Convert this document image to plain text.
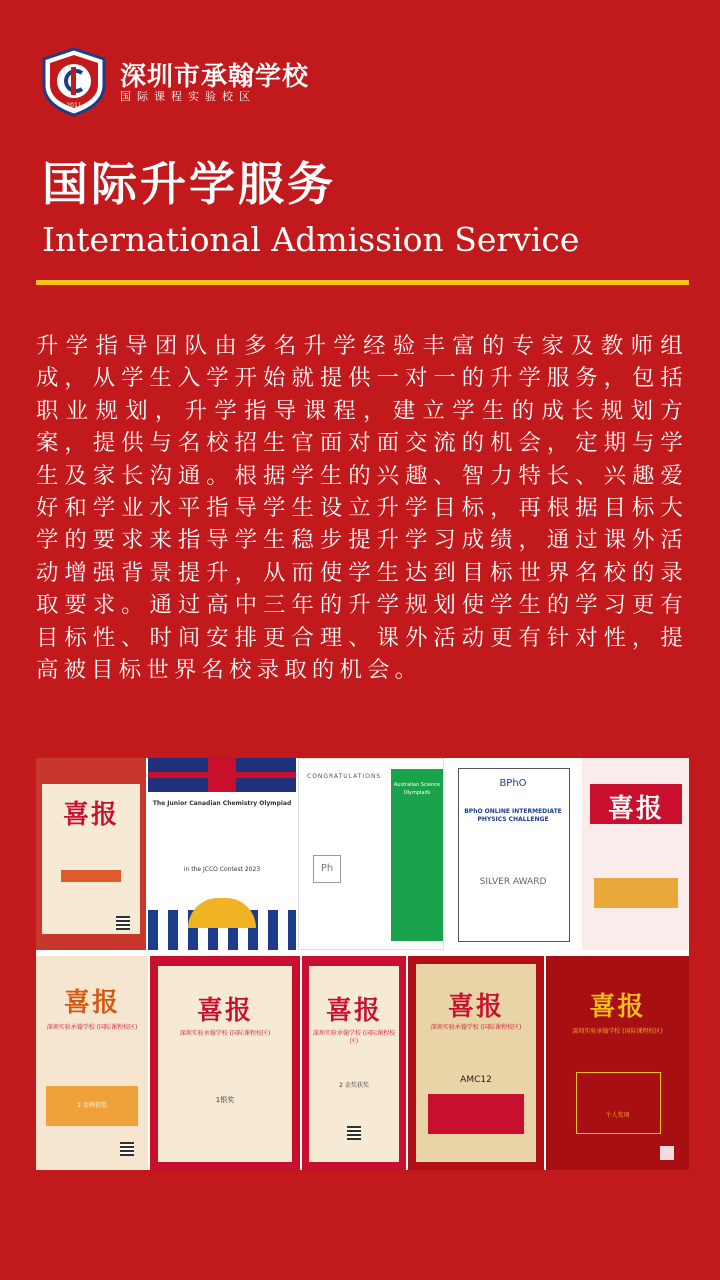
2011
深圳市承翰学校
国际课程实验校区
国际升学服务
International Admission Service
升学指导团队由多名升学经验丰富的专家及教师组成，从学生入学开始就提供一对一的升学服务，包括职业规划，升学指导课程，建立学生的成长规划方案，提供与名校招生官面对面交流的机会，定期与学生及家长沟通。根据学生的兴趣、智力特长、兴趣爱好和学业水平指导学生设立升学目标，再根据目标大学的要求来指导学生稳步提升学习成绩，通过课外活动增强背景提升，从而使学生达到目标世界名校的录取要求。通过高中三年的升学规划使学生的学习更有目标性、时间安排更合理、课外活动更有针对性，提高被目标世界名校录取的机会。
喜报	The Junior Canadian Chemistry Olympiad
in the JCCO Contest 2023
CONGRATULATIONS
Australian Science Olympiads
Ph
BPhO
BPhO ONLINE INTERMEDIATE PHYSICS CHALLENGE
SILVER AWARD
喜报
喜报
深圳实验承翰学校 (国际课程校区)
1 金牌获奖
喜报
深圳实验承翰学校 (国际课程校区)
1银奖
喜报
深圳实验承翰学校 (国际课程校区)
2 金奖获奖
喜报
深圳实验承翰学校 (国际课程校区)
AMC12
喜报
深圳实验承翰学校 (国际课程校区)
个人奖项
